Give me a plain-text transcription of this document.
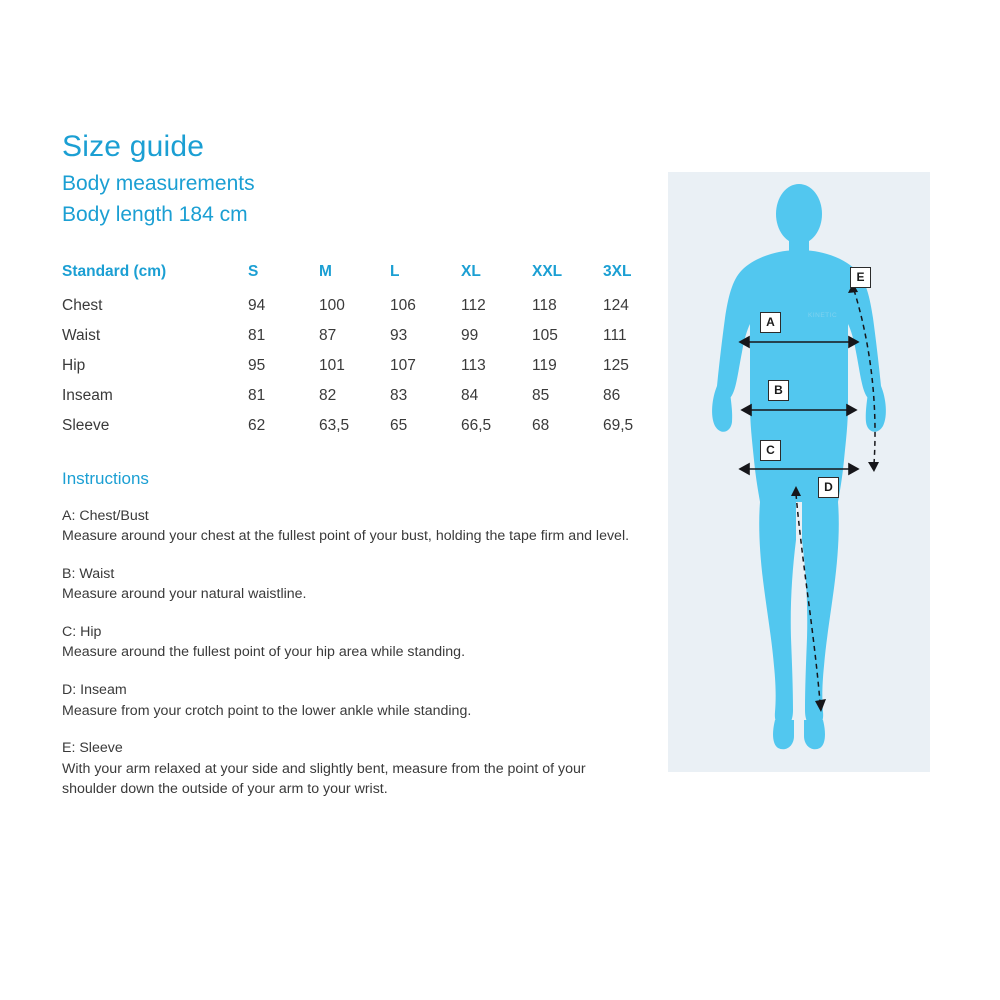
Size guide
Body measurements
Body length 184 cm
Standard (cm)	S	M	L	XL	XXL	3XL
Chest	94	100	106	112	118	124
Waist	81	87	93	99	105	111
Hip	95	101	107	113	119	125
Inseam	81	82	83	84	85	86
Sleeve	62	63,5	65	66,5	68	69,5
Instructions
A: Chest/Bust
Measure around your chest at the fullest point of your bust, holding the tape firm and level.
B: Waist
Measure around your natural waistline.
C: Hip
Measure around the fullest point of your hip area while standing.
D: Inseam
Measure from your crotch point to the lower ankle while standing.
E: Sleeve
With your arm relaxed at your side and slightly bent, measure from the point of your shoulder down the outside of your arm to your wrist.
KINETIC
A
B
C
D
E
